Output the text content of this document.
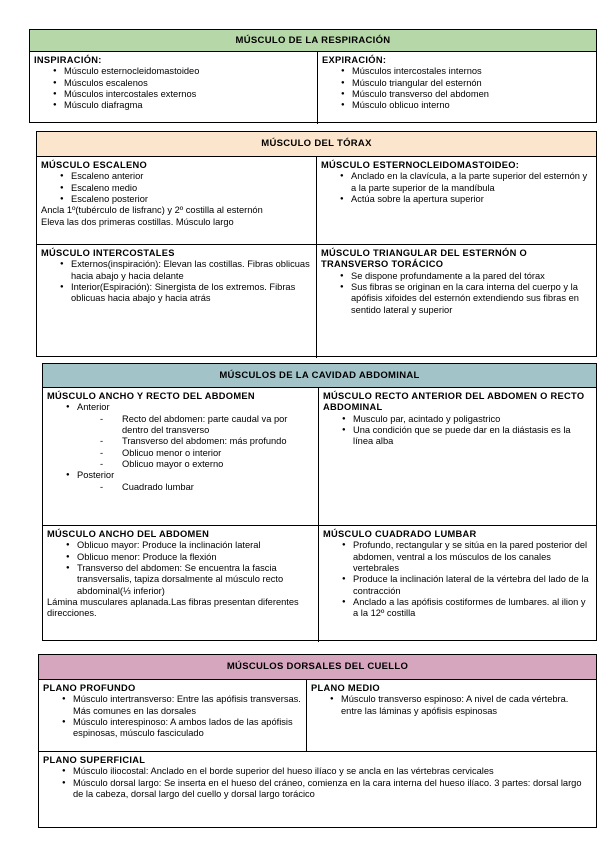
MÚSCULO DE LA RESPIRACIÓN
INSPIRACIÓN:
● Músculo esternocleidomastoideo
● Músculos escalenos
● Músculos intercostales externos
● Músculo diafragma
EXPIRACIÓN:
● Músculos intercostales internos
● Músculo triangular del esternón
● Músculo transverso del abdomen
● Músculo oblicuo interno
MÚSCULO DEL TÓRAX
MÚSCULO ESCALENO
● Escaleno anterior
● Escaleno medio
● Escaleno posterior

Ancla 1º(tubérculo de lisfranc) y 2º costilla al esternón

Eleva las dos primeras costillas. Músculo largo

MÚSCULO ESTERNOCLEIDOMASTOIDEO:
● Anclado en la clavícula, a la parte superior del esternón y a la parte superior de la mandíbula
● Actúa sobre la apertura superior
MÚSCULO INTERCOSTALES
● Externos(inspiración): Elevan las costillas. Fibras oblicuas hacia abajo y hacia delante
● Interior(Espiración): Sinergista de los extremos. Fibras oblicuas hacia abajo y hacia atrás
MÚSCULO TRIANGULAR DEL ESTERNÓN O TRANSVERSO TORÁCICO
● Se dispone profundamente a la pared del tórax
● Sus fibras se originan en la cara interna del cuerpo y la apófisis xifoides del esternón extendiendo sus fibras en sentido lateral y superior
MÚSCULOS DE LA CAVIDAD ABDOMINAL
MÚSCULO ANCHO Y RECTO DEL ABDOMEN
● Anterior
- Recto del abdomen: parte caudal va por dentro del transverso
- Transverso del abdomen: más profundo
- Oblicuo menor o interior
- Oblicuo mayor o externo
● Posterior
- Cuadrado lumbar
MÚSCULO RECTO ANTERIOR DEL ABDOMEN O RECTO ABDOMINAL
● Musculo par, acintado y poligastrico
● Una condición que se puede dar en la diástasis es la línea alba
MÚSCULO ANCHO DEL ABDOMEN
● Oblicuo mayor: Produce la inclinación lateral
● Oblicuo menor: Produce la flexión
● Transverso del abdomen: Se encuentra la fascia transversalis, tapiza dorsalmente al músculo recto abdominal(⅓ inferior)

Lámina musculares aplanada.Las fibras presentan diferentes direcciones.

MÚSCULO CUADRADO LUMBAR
● Profundo, rectangular y se sitúa en la pared posterior del abdomen, ventral a los músculos de los canales vertebrales
● Produce la inclinación lateral de la vértebra del lado de la contracción
● Anclado a las apófisis costiformes de lumbares. al ilion y a la 12º costilla
MÚSCULOS DORSALES DEL CUELLO
PLANO PROFUNDO
● Músculo intertransverso: Entre las apófisis transversas. Más comunes en las dorsales
● Músculo interespinoso: A ambos lados de las apófisis espinosas, músculo fasciculado
PLANO MEDIO
● Músculo transverso espinoso: A nivel de cada vértebra. entre las láminas y apófisis espinosas
PLANO SUPERFICIAL
● Músculo iliocostal: Anclado en el borde superior del hueso ilíaco y se ancla en las vértebras cervicales
● Músculo dorsal largo: Se inserta en el hueso del cráneo, comienza en la cara interna del hueso ilíaco. 3 partes: dorsal largo de la cabeza, dorsal largo del cuello y dorsal largo torácico
